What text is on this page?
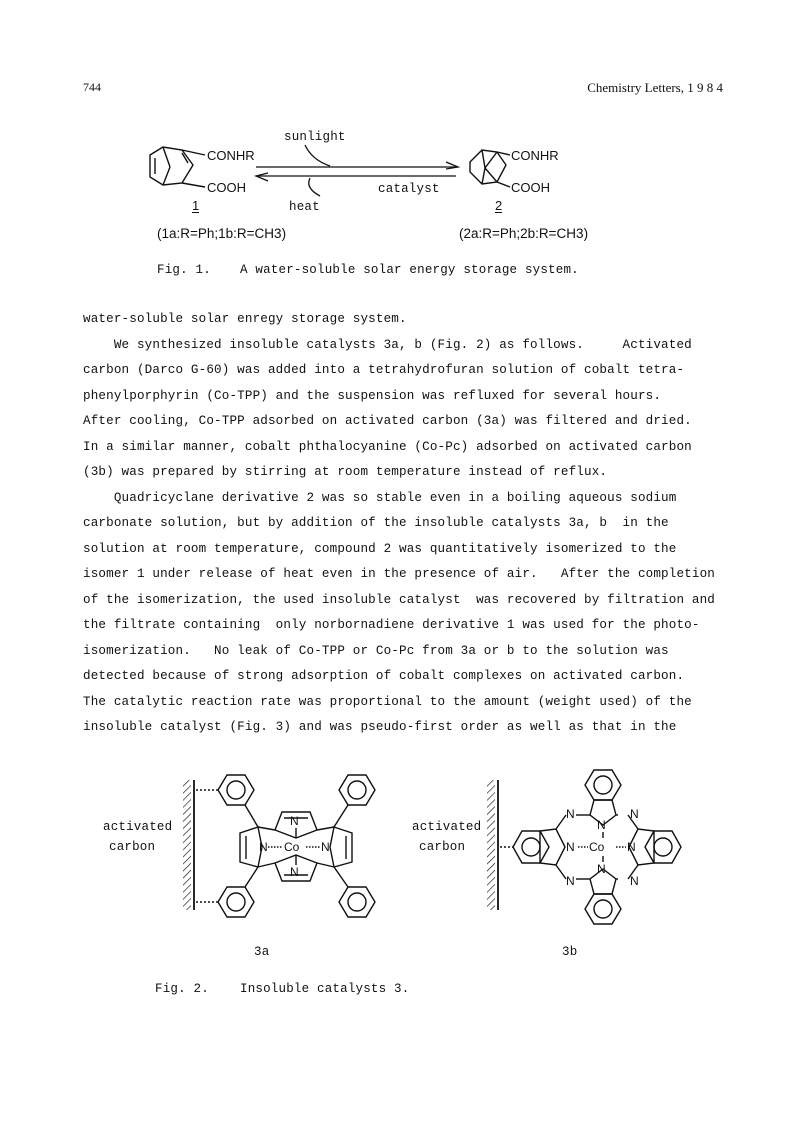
744	Chemistry Letters, 1 9 8 4
sunlight
heat
catalyst
CONHR
COOH
CONHR
COOH
1	2
(1a:R=Ph;1b:R=CH3)	(2a:R=Ph;2b:R=CH3)
Fig. 1. A water-soluble solar energy storage system.
water-soluble solar enregy storage system.
We synthesized insoluble catalysts 3a, b (Fig. 2) as follows.     Activated
carbon (Darco G-60) was added into a tetrahydrofuran solution of cobalt tetra-
phenylporphyrin (Co-TPP) and the suspension was refluxed for several hours.
After cooling, Co-TPP adsorbed on activated carbon (3a) was filtered and dried.
In a similar manner, cobalt phthalocyanine (Co-Pc) adsorbed on activated carbon
(3b) was prepared by stirring at room temperature instead of reflux.
Quadricyclane derivative 2 was so stable even in a boiling aqueous sodium
carbonate solution, but by addition of the insoluble catalysts 3a, b  in the
solution at room temperature, compound 2 was quantitatively isomerized to the
isomer 1 under release of heat even in the presence of air.   After the completion
of the isomerization, the used insoluble catalyst  was recovered by filtration and
the filtrate containing  only norbornadiene derivative 1 was used for the photo-
isomerization.   No leak of Co-TPP or Co-Pc from 3a or b to the solution was
detected because of strong adsorption of cobalt complexes on activated carbon.
The catalytic reaction rate was proportional to the amount (weight used) of the
insoluble catalyst (Fig. 3) and was pseudo-first order as well as that in the
activated
carbon
activated
carbon
N
N
N	N
Co
N
N
N	N
Co
N	N
N	N
3a	3b
Fig. 2. Insoluble catalysts 3.
